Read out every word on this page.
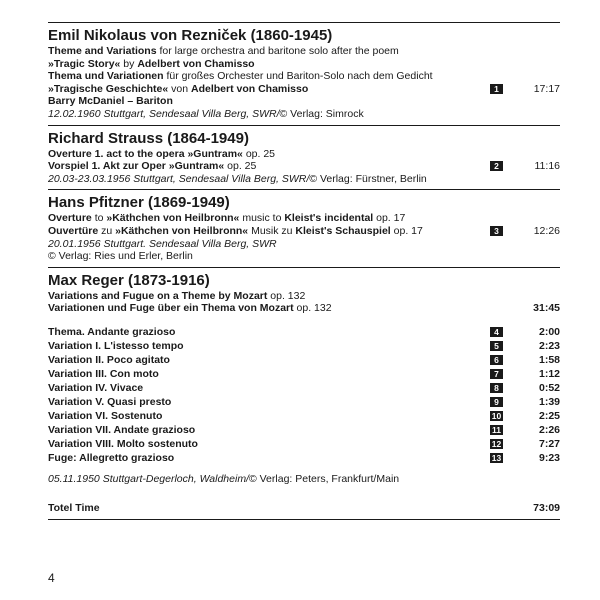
Emil Nikolaus von Rezniček (1860-1945)
Theme and Variations for large orchestra and baritone solo after the poem
»Tragic Story« by Adelbert von Chamisso
Thema und Variationen für großes Orchester und Bariton-Solo nach dem Gedicht
»Tragische Geschichte« von Adelbert von Chamisso	1	17:17
Barry McDaniel – Bariton
12.02.1960 Stuttgart, Sendesaal Villa Berg, SWR/© Verlag: Simrock
Richard Strauss (1864-1949)
Overture 1. act to the opera »Guntram« op. 25
Vorspiel 1. Akt zur Oper »Guntram« op. 25	2	11:16
20.03-23.03.1956 Stuttgart, Sendesaal Villa Berg, SWR/© Verlag: Fürstner, Berlin
Hans Pfitzner (1869-1949)
Overture to »Käthchen von Heilbronn« music to Kleist's incidental op. 17
Ouvertüre zu »Käthchen von Heilbronn« Musik zu Kleist's Schauspiel op. 17	3	12:26
20.01.1956 Stuttgart. Sendesaal Villa Berg, SWR
© Verlag: Ries und Erler, Berlin
Max Reger (1873-1916)
Variations and Fugue on a Theme by Mozart op. 132
Variationen und Fuge über ein Thema von Mozart op. 132	31:45
Thema. Andante grazioso	4	2:00
Variation I. L'istesso tempo	5	2:23
Variation II. Poco agitato	6	1:58
Variation III. Con moto	7	1:12
Variation IV. Vivace	8	0:52
Variation V. Quasi presto	9	1:39
Variation VI. Sostenuto	10	2:25
Variation VII. Andate grazioso	11	2:26
Variation VIII. Molto sostenuto	12	7:27
Fuge: Allegretto grazioso	13	9:23
05.11.1950 Stuttgart-Degerloch, Waldheim/© Verlag: Peters, Frankfurt/Main
Totel Time	73:09
4
